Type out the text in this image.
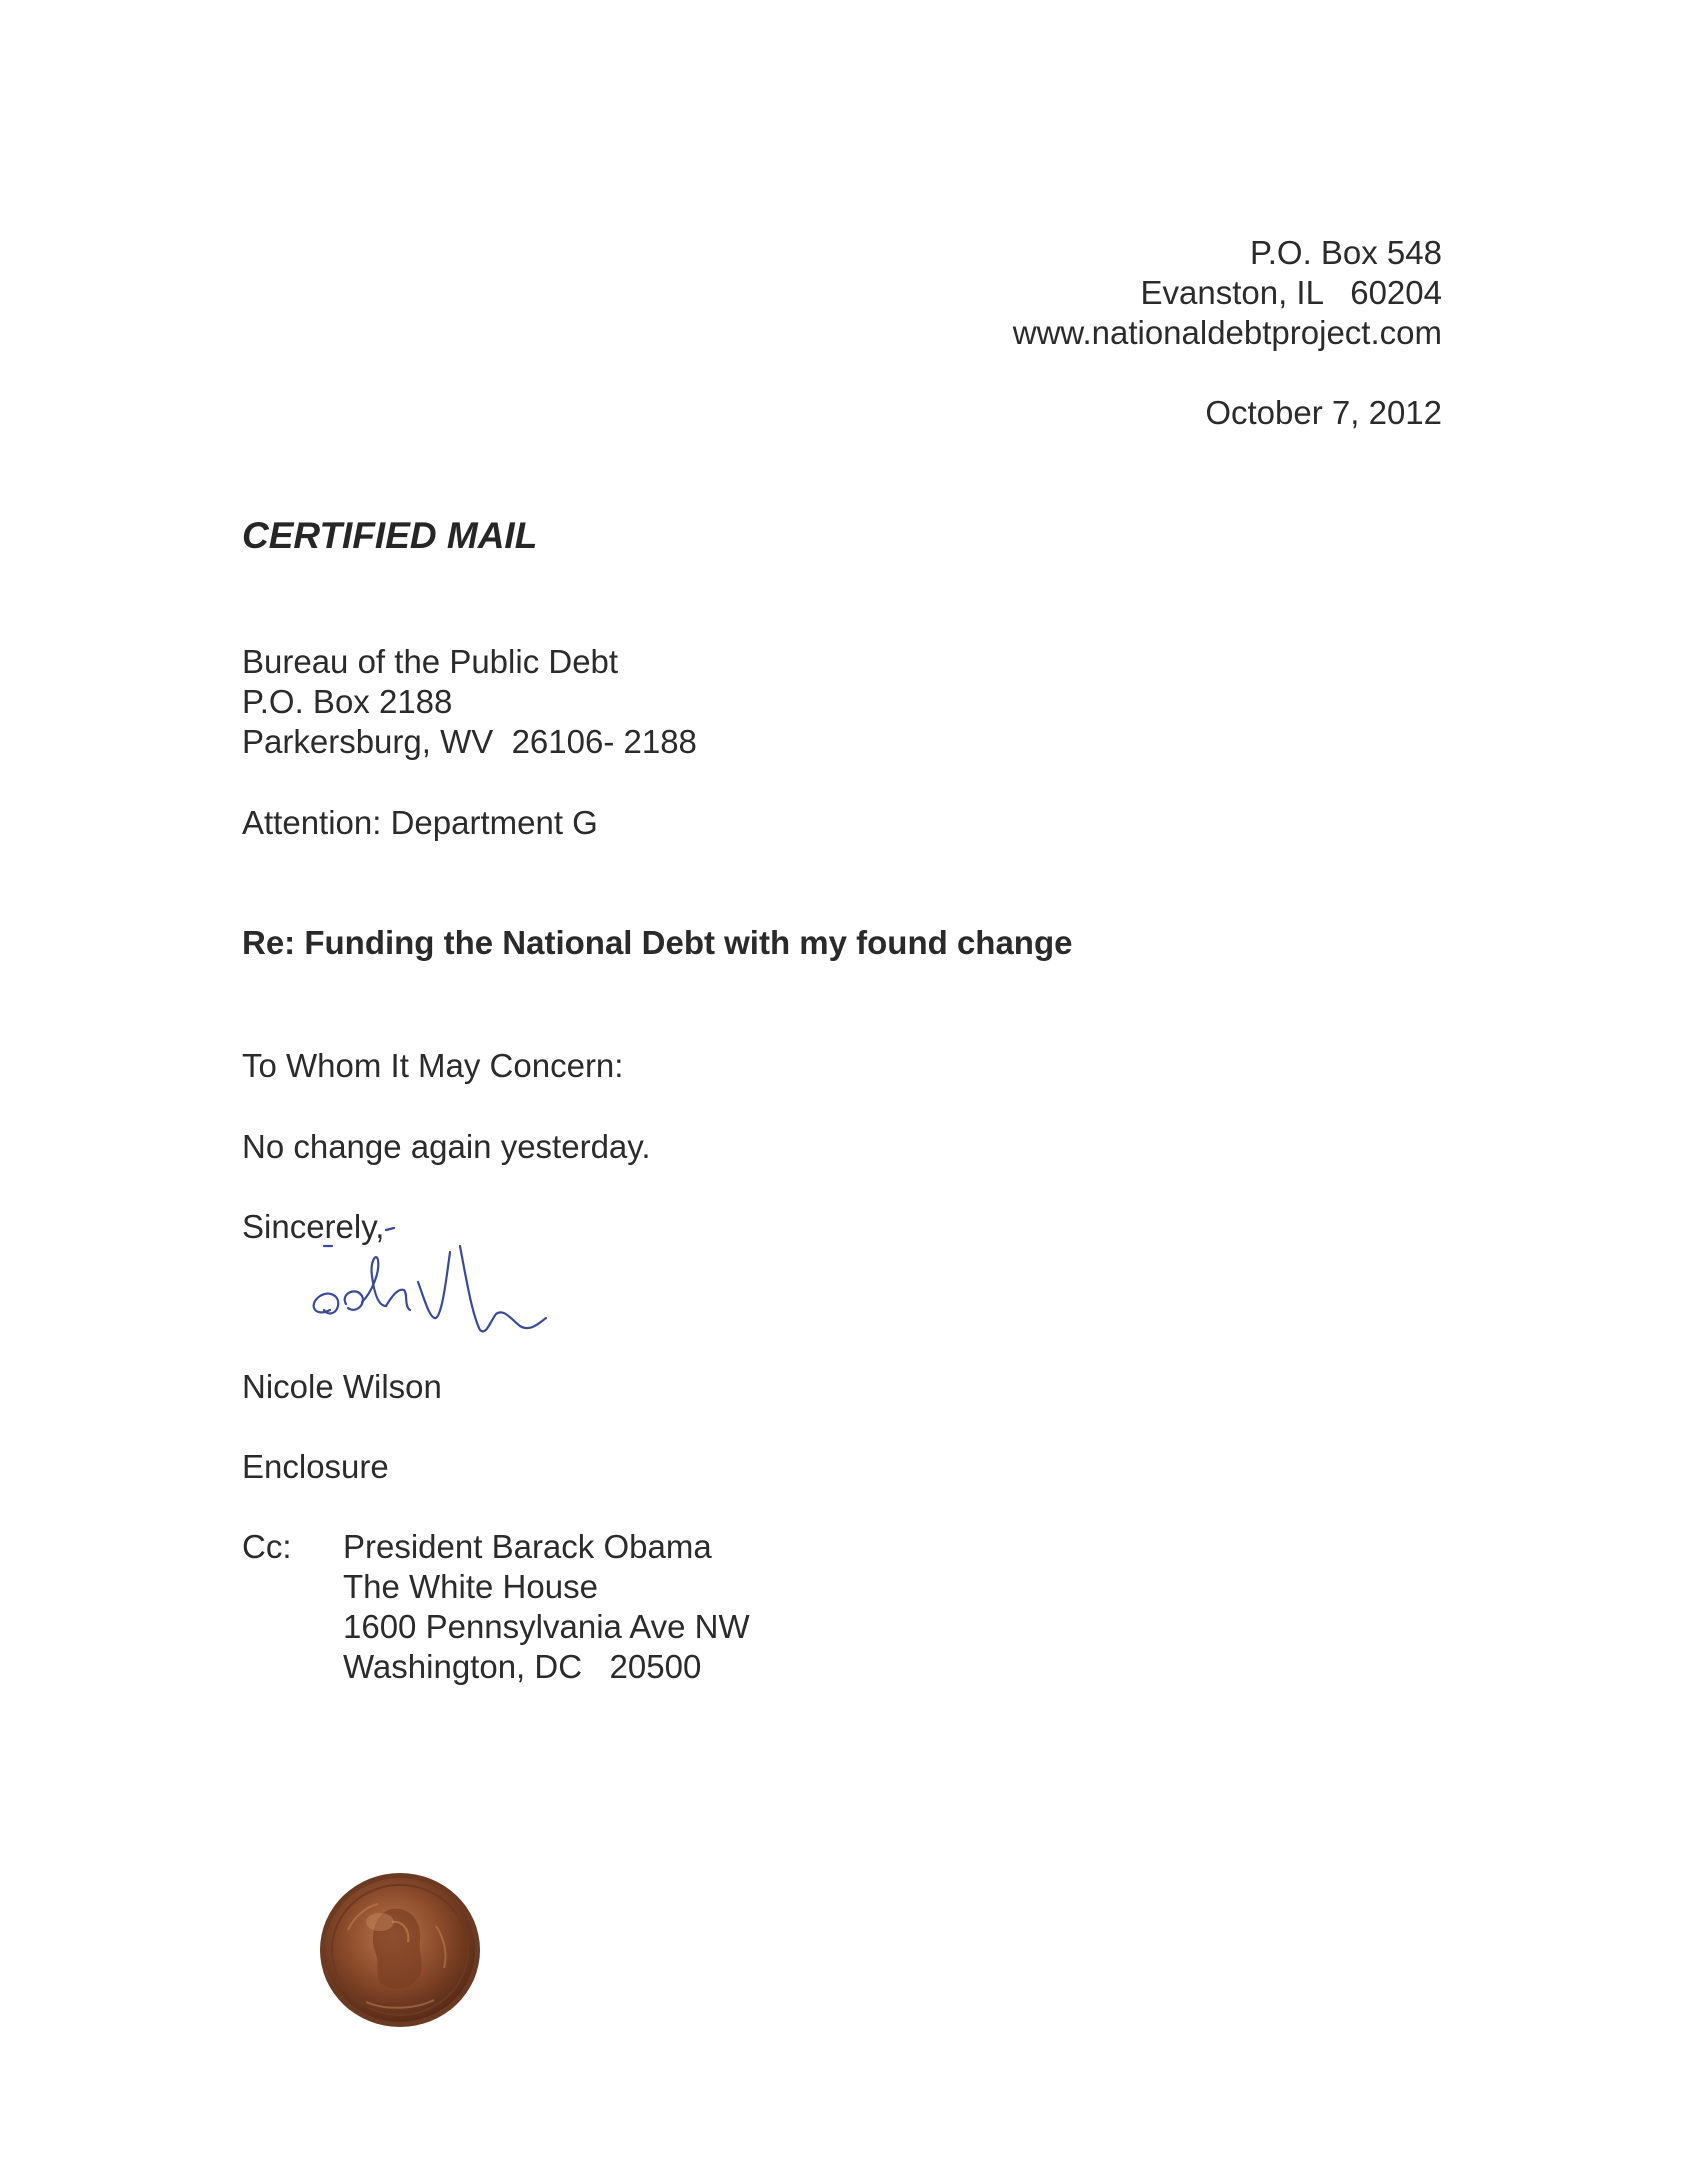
P.O. Box 548
Evanston, IL   60204
www.nationaldebtproject.com
October 7, 2012
CERTIFIED MAIL
Bureau of the Public Debt
P.O. Box 2188
Parkersburg, WV  26106- 2188
Attention: Department G
Re: Funding the National Debt with my found change
To Whom It May Concern:
No change again yesterday.
Sincerely,
Nicole Wilson
Enclosure
Cc: President Barack Obama
The White House
1600 Pennsylvania Ave NW
Washington, DC   20500
